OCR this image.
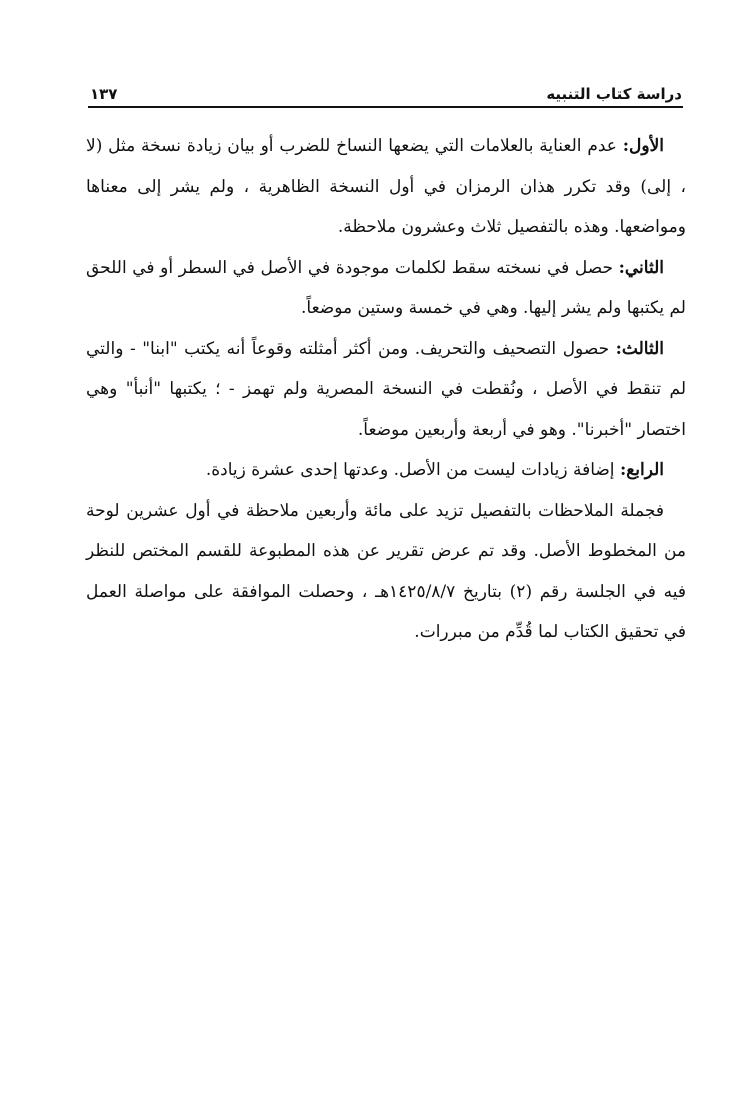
دراسة كتاب التنبيه
١٣٧

الأول: عدم العناية بالعلامات التي يضعها النساخ للضرب أو بيان زيادة نسخة مثل (لا ، إلى) وقد تكرر هذان الرمزان في أول النسخة الظاهرية ، ولم يشر إلى معناها ومواضعها. وهذه بالتفصيل ثلاث وعشرون ملاحظة.

الثاني: حصل في نسخته سقط لكلمات موجودة في الأصل في السطر أو في اللحق لم يكتبها ولم يشر إليها. وهي في خمسة وستين موضعاً.

الثالث: حصول التصحيف والتحريف. ومن أكثر أمثلته وقوعاً أنه يكتب "ابنا" - والتي لم تنقط في الأصل ، ونُقطت في النسخة المصرية ولم تهمز - ؛ يكتبها "أنبأ" وهي اختصار "أخبرنا". وهو في أربعة وأربعين موضعاً.

الرابع: إضافة زيادات ليست من الأصل. وعدتها إحدى عشرة زيادة.

فجملة الملاحظات بالتفصيل تزيد على مائة وأربعين ملاحظة في أول عشرين لوحة من المخطوط الأصل. وقد تم عرض تقرير عن هذه المطبوعة للقسم المختص للنظر فيه في الجلسة رقم (٢) بتاريخ ١٤٢٥/٨/٧هـ ، وحصلت الموافقة على مواصلة العمل في تحقيق الكتاب لما قُدِّم من مبررات.
